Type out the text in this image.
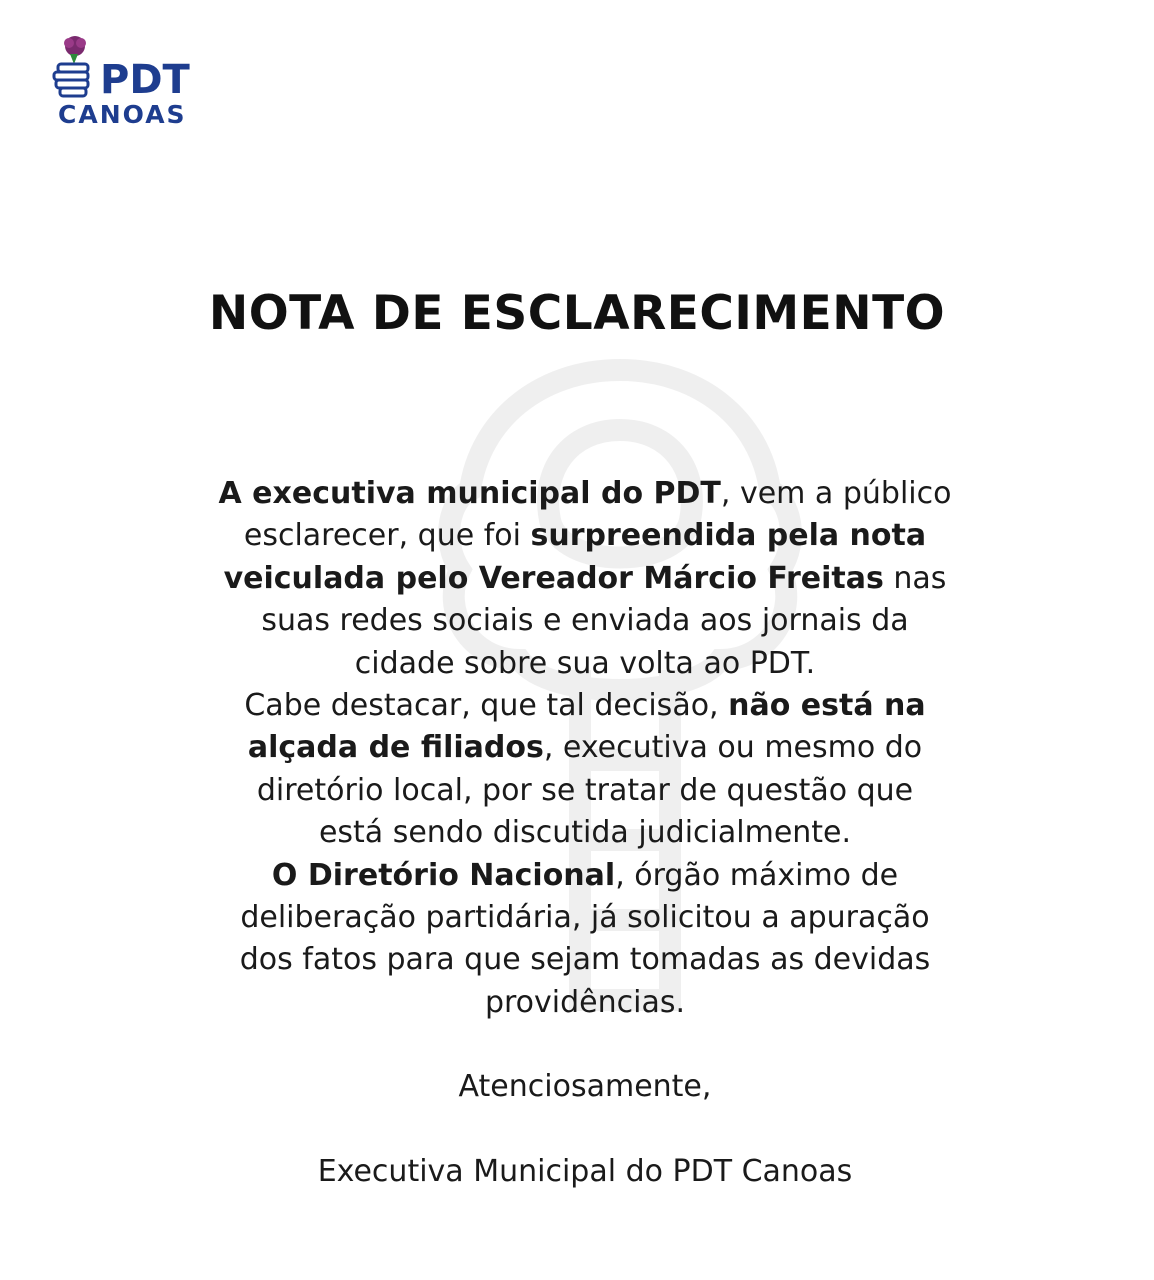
PDT
CANOAS
NOTA DE ESCLARECIMENTO

A executiva municipal do PDT, vem a público
esclarecer, que foi surpreendida pela nota
veiculada pelo Vereador Márcio Freitas nas
suas redes sociais e enviada aos jornais da
cidade sobre sua volta ao PDT.
Cabe destacar, que tal decisão, não está na
alçada de filiados, executiva ou mesmo do
diretório local, por se tratar de questão que
está sendo discutida judicialmente.
O Diretório Nacional, órgão máximo de
deliberação partidária, já solicitou a apuração
dos fatos para que sejam tomadas as devidas
providências.

Atenciosamente,

Executiva Municipal do PDT Canoas
